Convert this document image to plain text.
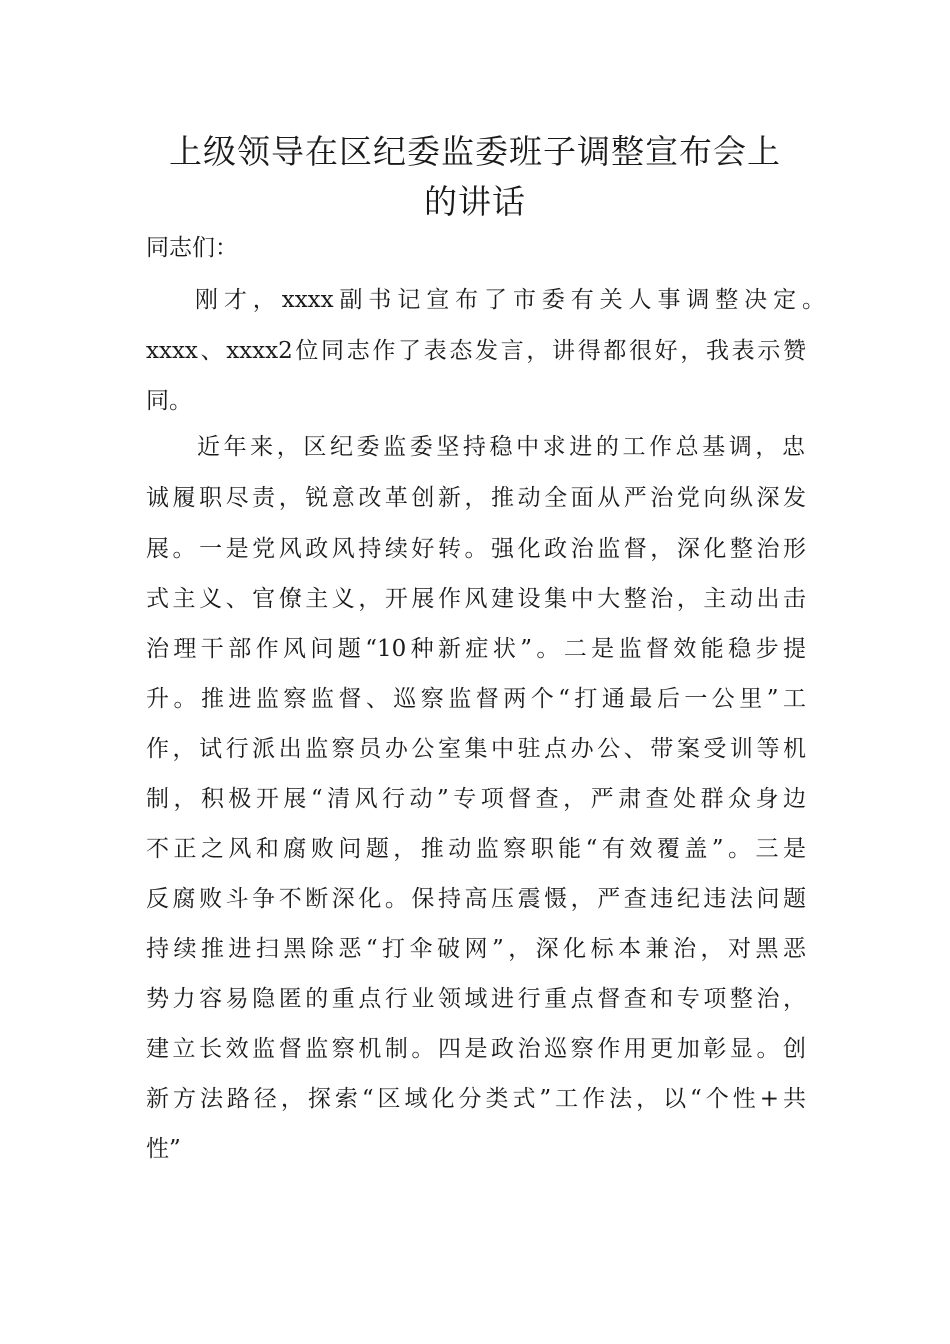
上级领导在区纪委监委班子调整宣布会上
的讲话
同志们：
刚才，xxxx副书记宣布了市委有关人事调整决定。
xxxx、xxxx2位同志作了表态发言，讲得都很好，我表示赞
同。
近年来，区纪委监委坚持稳中求进的工作总基调，忠
诚履职尽责，锐意改革创新，推动全面从严治党向纵深发
展。一是党风政风持续好转。强化政治监督，深化整治形
式主义、官僚主义，开展作风建设集中大整治，主动出击
治理干部作风问题“10种新症状”。二是监督效能稳步提
升。推进监察监督、巡察监督两个“打通最后一公里”工
作，试行派出监察员办公室集中驻点办公、带案受训等机
制，积极开展“清风行动”专项督查，严肃查处群众身边
不正之风和腐败问题，推动监察职能“有效覆盖”。三是
反腐败斗争不断深化。保持高压震慑，严查违纪违法问题
持续推进扫黑除恶“打伞破网”，深化标本兼治，对黑恶
势力容易隐匿的重点行业领域进行重点督查和专项整治，
建立长效监督监察机制。四是政治巡察作用更加彰显。创
新方法路径，探索“区域化分类式”工作法，以“个性+共
性”
